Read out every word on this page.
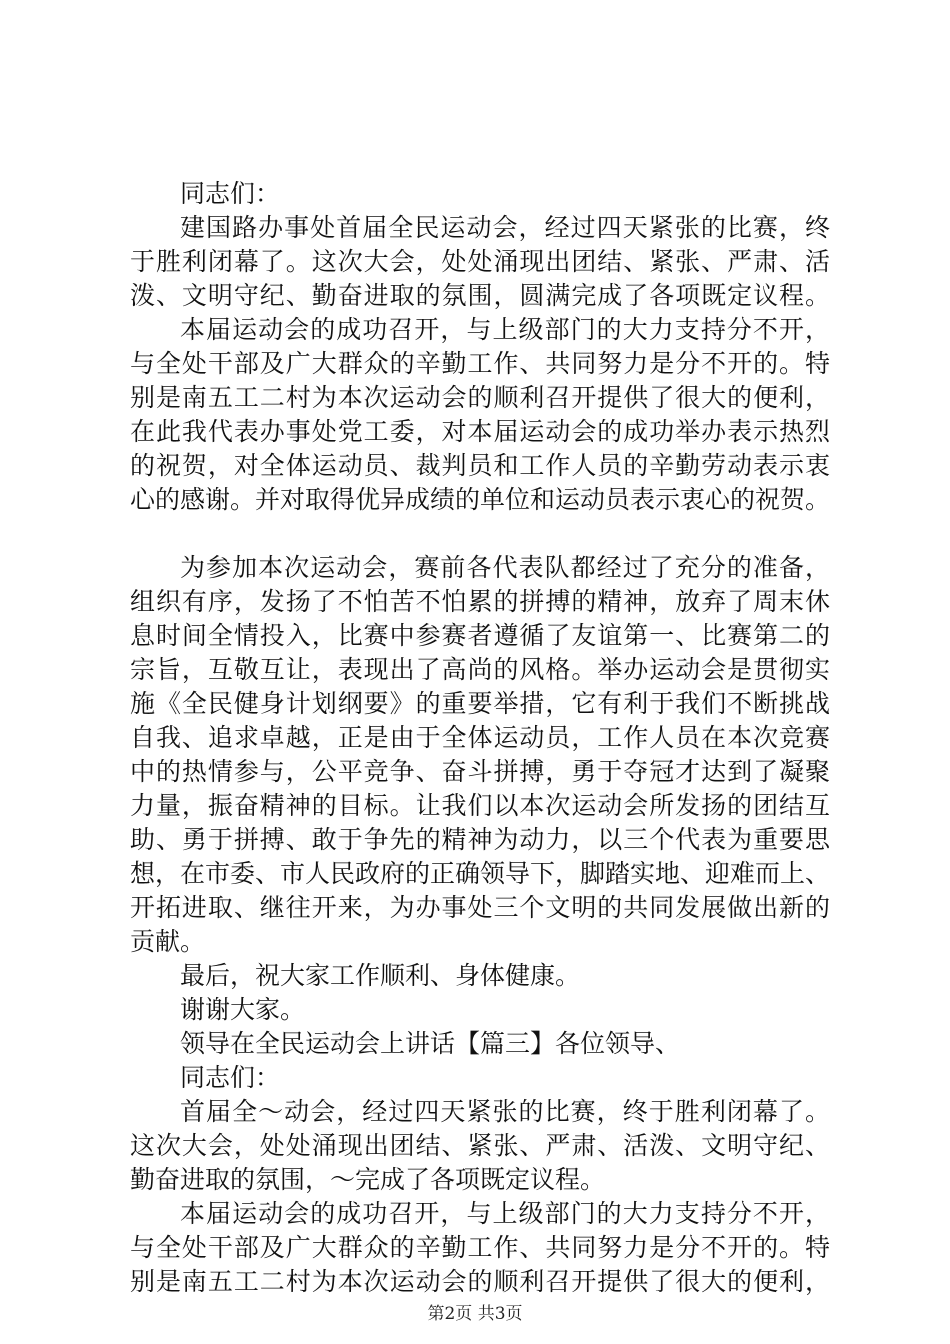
同志们：
建国路办事处首届全民运动会，经过四天紧张的比赛，终
于胜利闭幕了。这次大会，处处涌现出团结、紧张、严肃、活
泼、文明守纪、勤奋进取的氛围，圆满完成了各项既定议程。
本届运动会的成功召开，与上级部门的大力支持分不开，
与全处干部及广大群众的辛勤工作、共同努力是分不开的。特
别是南五工二村为本次运动会的顺利召开提供了很大的便利，
在此我代表办事处党工委，对本届运动会的成功举办表示热烈
的祝贺，对全体运动员、裁判员和工作人员的辛勤劳动表示衷
心的感谢。并对取得优异成绩的单位和运动员表示衷心的祝贺。
为参加本次运动会，赛前各代表队都经过了充分的准备，
组织有序，发扬了不怕苦不怕累的拼搏的精神，放弃了周末休
息时间全情投入，比赛中参赛者遵循了友谊第一、比赛第二的
宗旨，互敬互让，表现出了高尚的风格。举办运动会是贯彻实
施《全民健身计划纲要》的重要举措，它有利于我们不断挑战
自我、追求卓越，正是由于全体运动员，工作人员在本次竞赛
中的热情参与，公平竞争、奋斗拼搏，勇于夺冠才达到了凝聚
力量，振奋精神的目标。让我们以本次运动会所发扬的团结互
助、勇于拼搏、敢于争先的精神为动力，以三个代表为重要思
想，在市委、市人民政府的正确领导下，脚踏实地、迎难而上、
开拓进取、继往开来，为办事处三个文明的共同发展做出新的
贡献。
最后，祝大家工作顺利、身体健康。
谢谢大家。
领导在全民运动会上讲话【篇三】各位领导、
同志们：
首届全～动会，经过四天紧张的比赛，终于胜利闭幕了。
这次大会，处处涌现出团结、紧张、严肃、活泼、文明守纪、
勤奋进取的氛围，～完成了各项既定议程。
本届运动会的成功召开，与上级部门的大力支持分不开，
与全处干部及广大群众的辛勤工作、共同努力是分不开的。特
别是南五工二村为本次运动会的顺利召开提供了很大的便利，
第2页 共3页
